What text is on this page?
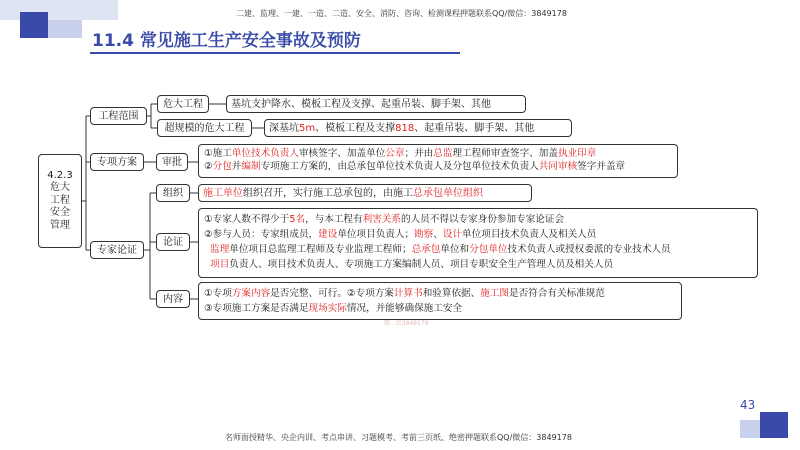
二建、监理、一建、一造、二造、安全、消防、咨询、检测课程押题联系QQ/微信：3849178
11.4 常见施工生产安全事故及预防
微...信3849178
43
名师面授精华、央企内训、考点串讲、习题模考、考前三页纸、绝密押题联系QQ/微信：3849178
4.2.3
危大
工程
安全
管理
工程范围
专项方案
专家论证
危大工程	基坑支护降水、模板工程及支撑、起重吊装、脚手架、其他
超规模的危大工程	深基坑 5m 、模板工程及支撑 818 、起重吊装、脚手架、其他
审批
①施工单位技术负责人审核签字、加盖单位公章；并由总监理工程师审查签字、加盖执业印章
②分包并编制专项施工方案的，由总承包单位技术负责人及分包单位技术负责人共同审核签字并盖章
组织	施工单位 组织召开，实行施工总承包的，由施工 总承包单位组织
论证
①专家人数不得少于5名，与本工程有利害关系的人员不得以专家身份参加专家论证会
②参与人员：专家组成员，建设单位项目负责人；勘察、设计单位项目技术负责人及相关人员
监理单位项目总监理工程师及专业监理工程师；总承包单位和分包单位技术负责人或授权委派的专业技术人员
项目负责人、项目技术负责人、专项施工方案编制人员、项目专职安全生产管理人员及相关人员
内容	①专项方案内容是否完整、可行。②专项方案计算书和验算依据、施工图是否符合有关标准规范
③专项施工方案是否满足现场实际情况，并能够确保施工安全
